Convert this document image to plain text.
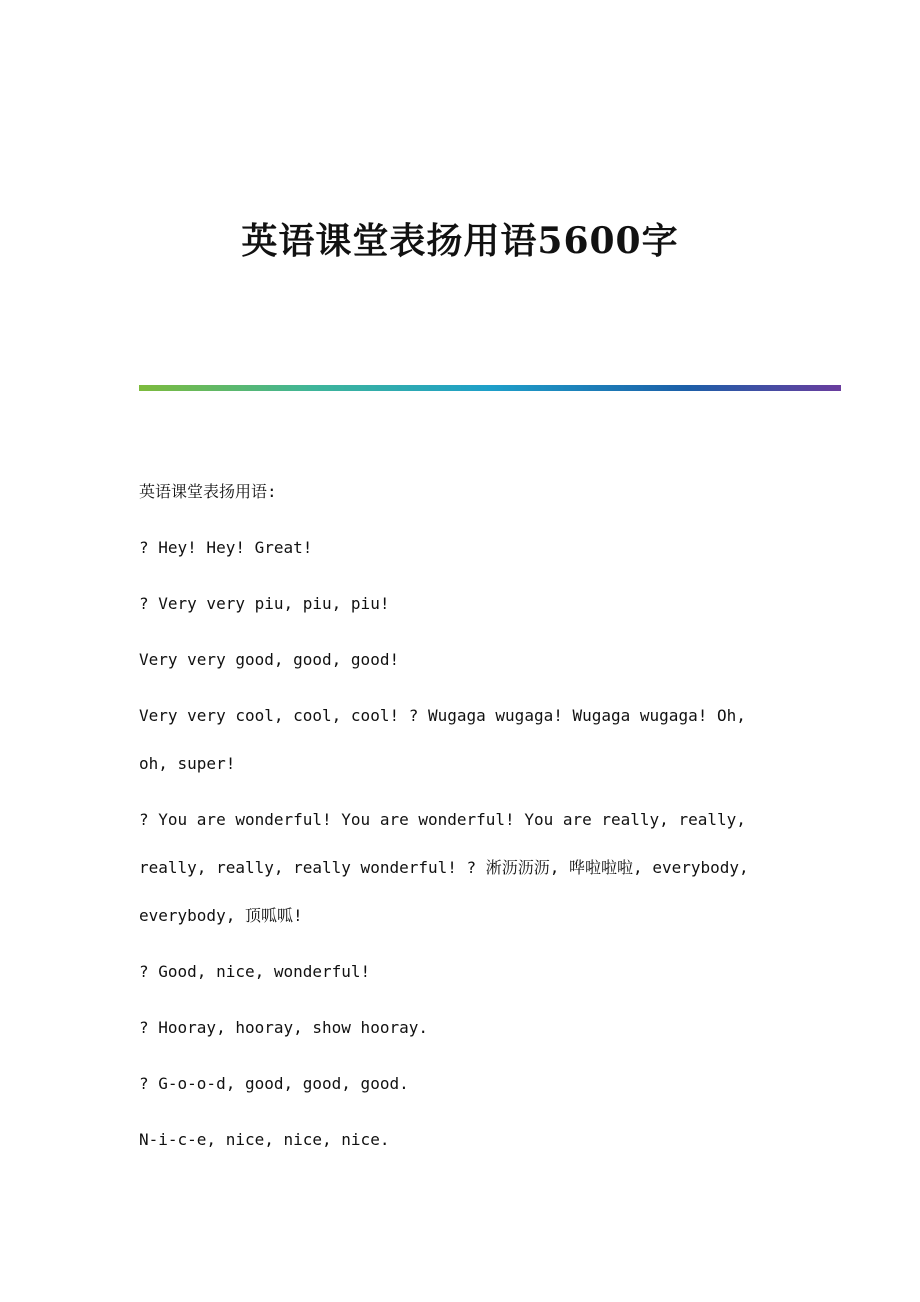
英语课堂表扬用语5600字

英语课堂表扬用语:

? Hey! Hey! Great!

? Very very piu, piu, piu!

Very very good, good, good!

Very very cool, cool, cool! ? Wugaga wugaga! Wugaga wugaga! Oh, oh, super!

? You are wonderful! You are wonderful! You are really, really, really, really, really wonderful! ? 淅沥沥沥, 哗啦啦啦, everybody, everybody, 顶呱呱!

? Good, nice, wonderful!

? Hooray, hooray, show hooray.

? G-o-o-d, good, good, good.

N-i-c-e, nice, nice, nice.
